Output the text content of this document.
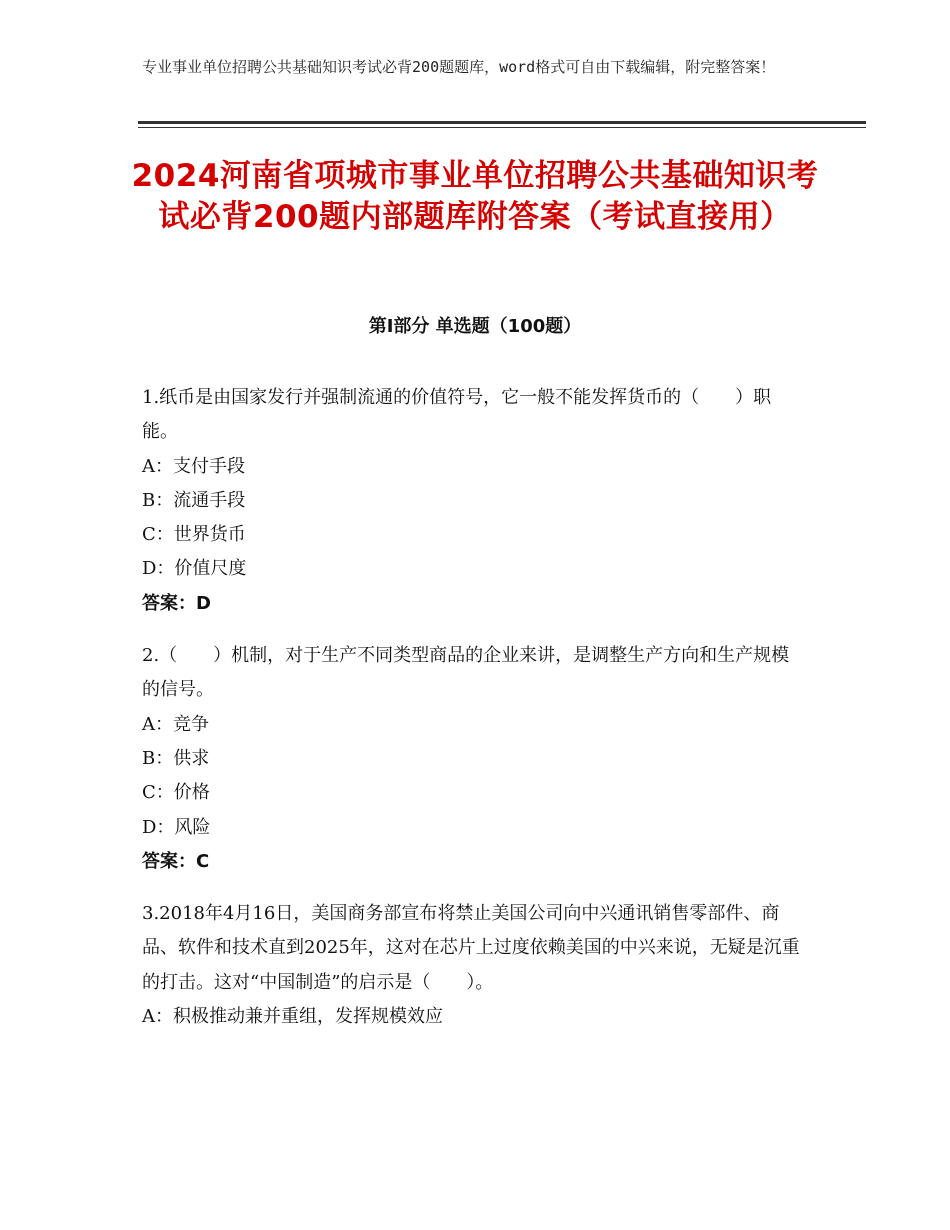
专业事业单位招聘公共基础知识考试必背200题题库，word格式可自由下载编辑，附完整答案！
2024河南省项城市事业单位招聘公共基础知识考试必背200题内部题库附答案（考试直接用）
第Ⅰ部分 单选题（100题）
1.纸币是由国家发行并强制流通的价值符号，它一般不能发挥货币的（　　）职能。
A：支付手段
B：流通手段
C：世界货币
D：价值尺度
答案：D
2.（　　）机制，对于生产不同类型商品的企业来讲，是调整生产方向和生产规模的信号。
A：竞争
B：供求
C：价格
D：风险
答案：C
3.2018年4月16日，美国商务部宣布将禁止美国公司向中兴通讯销售零部件、商品、软件和技术直到2025年，这对在芯片上过度依赖美国的中兴来说，无疑是沉重的打击。这对“中国制造”的启示是（　　）。
A：积极推动兼并重组，发挥规模效应
